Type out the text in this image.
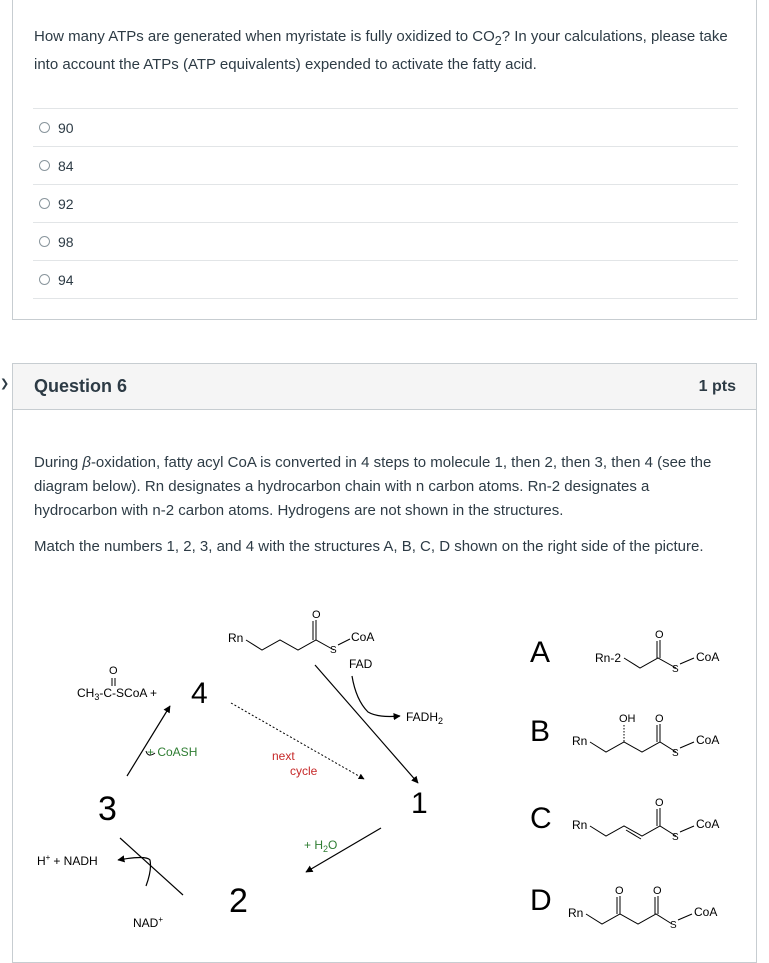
How many ATPs are generated when myristate is fully oxidized to $CO_2$? In your calculations, please take into account the ATPs (ATP equivalents) expended to activate the fatty acid.
90
84
92
98
94
❯ Question 6	1 pts

During β-oxidation, fatty acyl CoA is converted in 4 steps to molecule 1, then 2, then 3, then 4 (see the diagram below). Rn designates a hydrocarbon chain with n carbon atoms. Rn-2 designates a hydrocarbon with n-2 carbon atoms. Hydrogens are not shown in the structures.

Match the numbers 1, 2, 3, and 4 with the structures A, B, C, D shown on the right side of the picture.

Rn
O
S
CoA
FAD
$FADH_2$
1
next
cycle
O
$CH_3-C$-SCoA + 4
+ CoASH
3
H+ + NADH
NAD+ 2
+ $H_2O$
A	Rn-2
O
S
CoA
B Rn
OH O
S
CoA
C Rn
O
S
CoA
D Rn
O	O
S
CoA
